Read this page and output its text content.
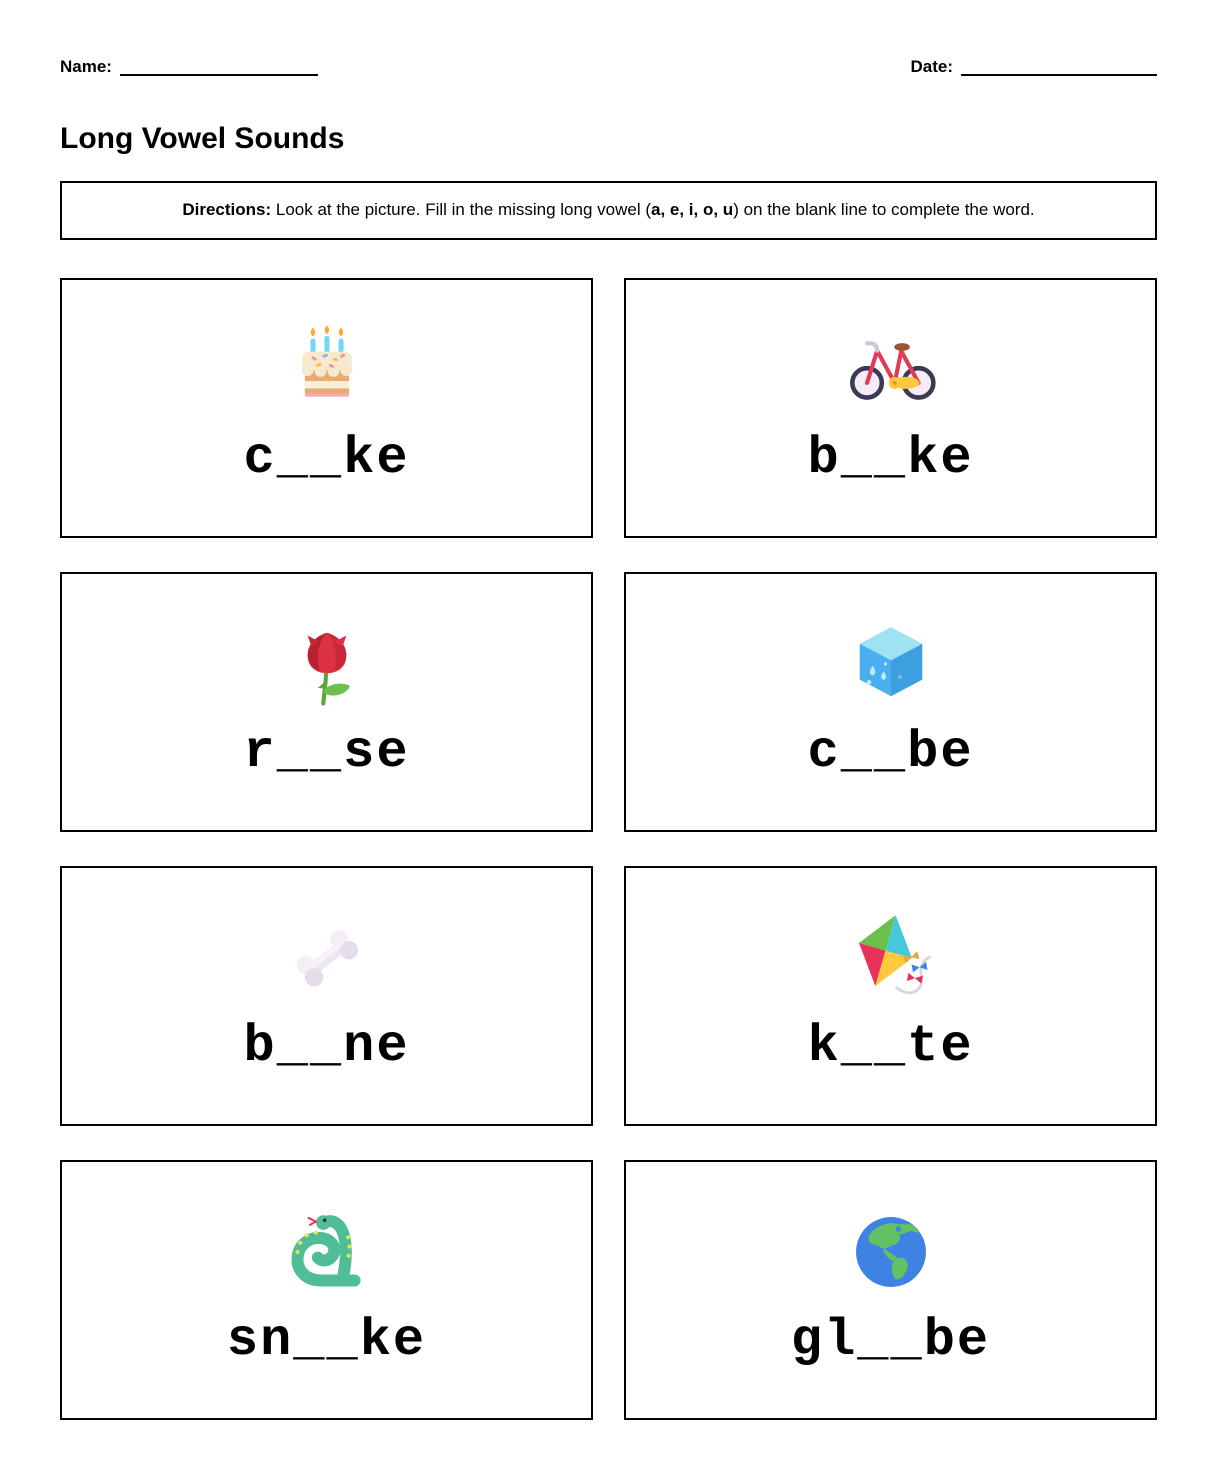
Name:	Date:
Long Vowel Sounds
Directions: Look at the picture. Fill in the missing long vowel ( a, e, i, o, u ) on the blank line to complete the word.
c__ke	b__ke
r__se	c__be
b__ne	k__te
sn__ke	gl__be
